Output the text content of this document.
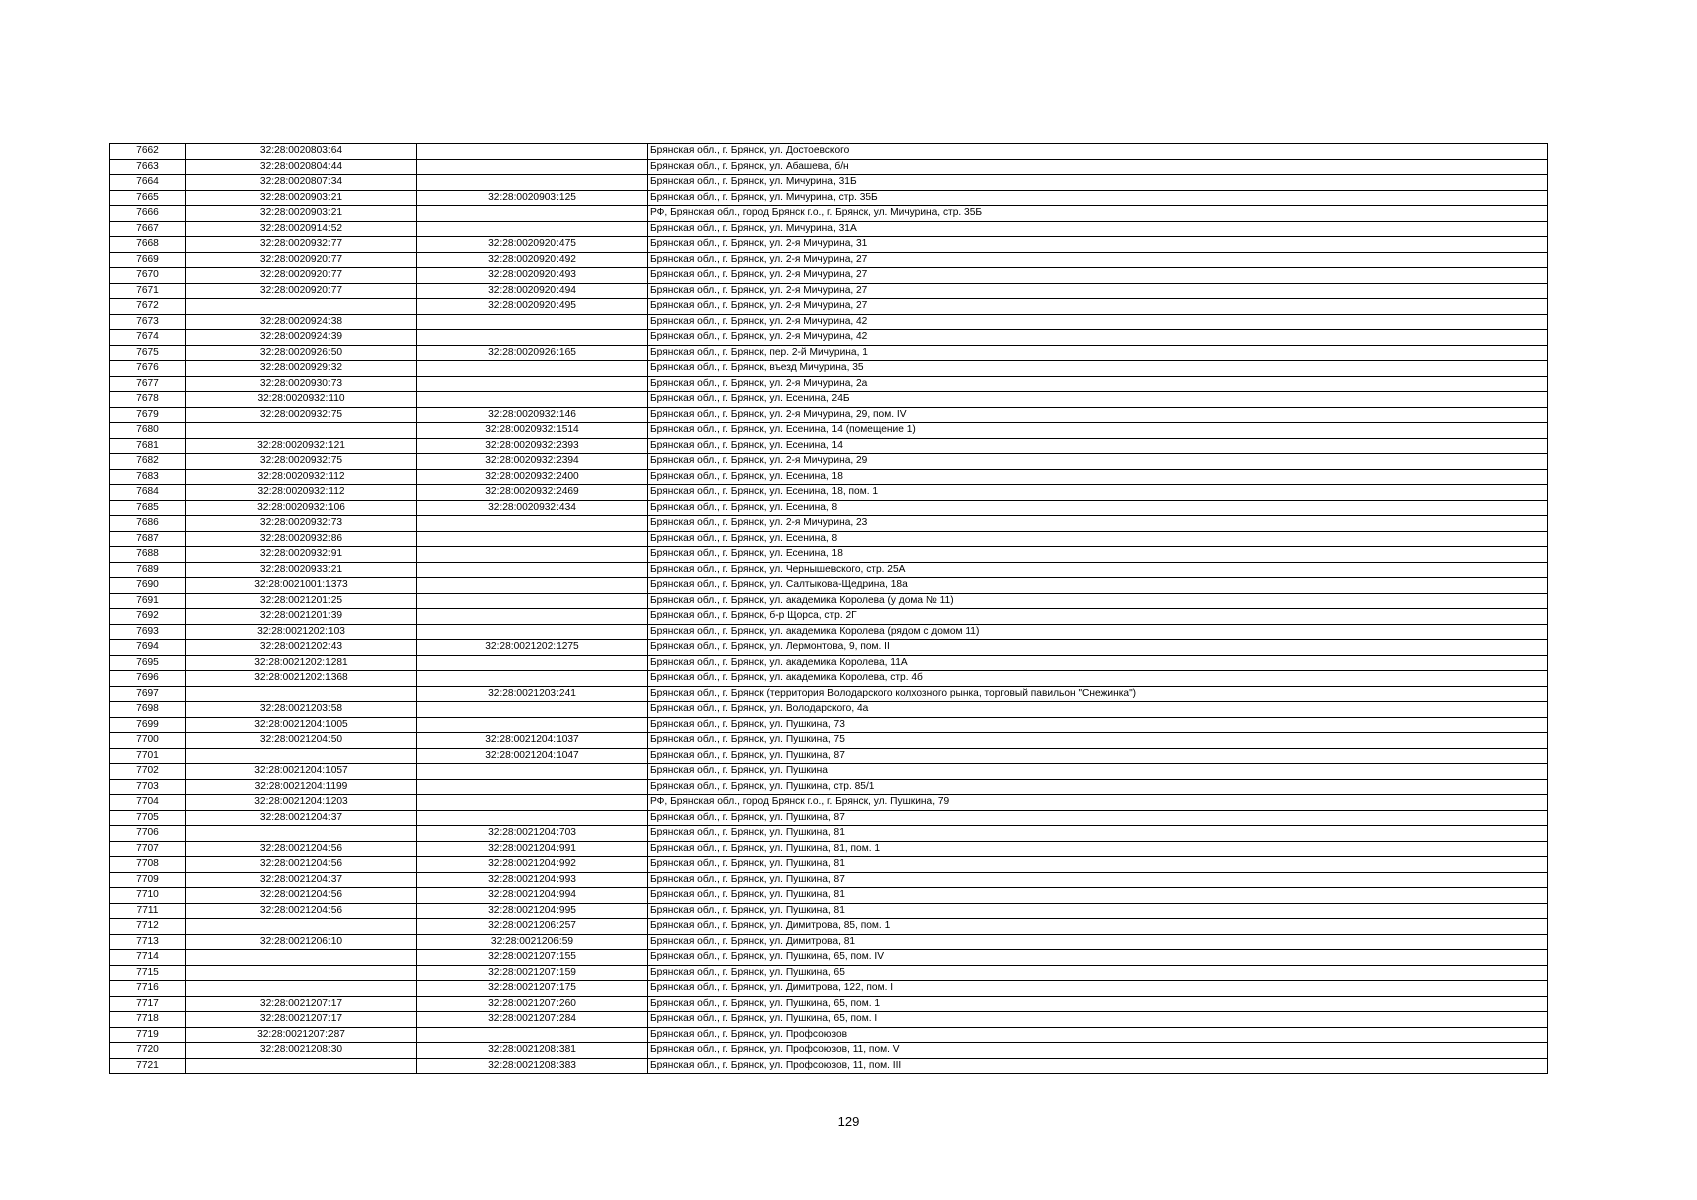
7662	32:28:0020803:64		Брянская обл., г. Брянск, ул. Достоевского
7663	32:28:0020804:44		Брянская обл., г. Брянск, ул. Абашева, б/н
7664	32:28:0020807:34		Брянская обл., г. Брянск, ул. Мичурина, 31Б
7665	32:28:0020903:21	32:28:0020903:125	Брянская обл., г. Брянск, ул. Мичурина, стр. 35Б
7666	32:28:0020903:21		РФ, Брянская обл., город Брянск г.о., г. Брянск, ул. Мичурина, стр. 35Б
7667	32:28:0020914:52		Брянская обл., г. Брянск, ул. Мичурина, 31А
7668	32:28:0020932:77	32:28:0020920:475	Брянская обл., г. Брянск, ул. 2-я Мичурина, 31
7669	32:28:0020920:77	32:28:0020920:492	Брянская обл., г. Брянск, ул. 2-я Мичурина, 27
7670	32:28:0020920:77	32:28:0020920:493	Брянская обл., г. Брянск, ул. 2-я Мичурина, 27
7671	32:28:0020920:77	32:28:0020920:494	Брянская обл., г. Брянск, ул. 2-я Мичурина, 27
7672		32:28:0020920:495	Брянская обл., г. Брянск, ул. 2-я Мичурина, 27
7673	32:28:0020924:38		Брянская обл., г. Брянск, ул. 2-я Мичурина, 42
7674	32:28:0020924:39		Брянская обл., г. Брянск, ул. 2-я Мичурина, 42
7675	32:28:0020926:50	32:28:0020926:165	Брянская обл., г. Брянск, пер. 2-й Мичурина, 1
7676	32:28:0020929:32		Брянская обл., г. Брянск, въезд Мичурина, 35
7677	32:28:0020930:73		Брянская обл., г. Брянск, ул. 2-я Мичурина, 2а
7678	32:28:0020932:110		Брянская обл., г. Брянск, ул. Есенина, 24Б
7679	32:28:0020932:75	32:28:0020932:146	Брянская обл., г. Брянск, ул. 2-я Мичурина, 29, пом. IV
7680		32:28:0020932:1514	Брянская обл., г. Брянск, ул. Есенина, 14 (помещение 1)
7681	32:28:0020932:121	32:28:0020932:2393	Брянская обл., г. Брянск, ул. Есенина, 14
7682	32:28:0020932:75	32:28:0020932:2394	Брянская обл., г. Брянск, ул. 2-я Мичурина, 29
7683	32:28:0020932:112	32:28:0020932:2400	Брянская обл., г. Брянск, ул. Есенина, 18
7684	32:28:0020932:112	32:28:0020932:2469	Брянская обл., г. Брянск, ул. Есенина, 18, пом. 1
7685	32:28:0020932:106	32:28:0020932:434	Брянская обл., г. Брянск, ул. Есенина, 8
7686	32:28:0020932:73		Брянская обл., г. Брянск, ул. 2-я Мичурина, 23
7687	32:28:0020932:86		Брянская обл., г. Брянск, ул. Есенина, 8
7688	32:28:0020932:91		Брянская обл., г. Брянск, ул. Есенина, 18
7689	32:28:0020933:21		Брянская обл., г. Брянск, ул. Чернышевского, стр. 25А
7690	32:28:0021001:1373		Брянская обл., г. Брянск, ул. Салтыкова-Щедрина, 18а
7691	32:28:0021201:25		Брянская обл., г. Брянск, ул. академика Королева (у дома № 11)
7692	32:28:0021201:39		Брянская обл., г. Брянск, б-р Щорса, стр. 2Г
7693	32:28:0021202:103		Брянская обл., г. Брянск, ул. академика Королева (рядом с домом 11)
7694	32:28:0021202:43	32:28:0021202:1275	Брянская обл., г. Брянск, ул. Лермонтова, 9, пом. II
7695	32:28:0021202:1281		Брянская обл., г. Брянск, ул. академика Королева, 11А
7696	32:28:0021202:1368		Брянская обл., г. Брянск, ул. академика Королева, стр. 4б
7697		32:28:0021203:241	Брянская обл., г. Брянск (территория Володарского колхозного рынка, торговый павильон "Снежинка")
7698	32:28:0021203:58		Брянская обл., г. Брянск, ул. Володарского, 4а
7699	32:28:0021204:1005		Брянская обл., г. Брянск, ул. Пушкина, 73
7700	32:28:0021204:50	32:28:0021204:1037	Брянская обл., г. Брянск, ул. Пушкина, 75
7701		32:28:0021204:1047	Брянская обл., г. Брянск, ул. Пушкина, 87
7702	32:28:0021204:1057		Брянская обл., г. Брянск, ул. Пушкина
7703	32:28:0021204:1199		Брянская обл., г. Брянск, ул. Пушкина, стр. 85/1
7704	32:28:0021204:1203		РФ, Брянская обл., город Брянск г.о., г. Брянск, ул. Пушкина, 79
7705	32:28:0021204:37		Брянская обл., г. Брянск, ул. Пушкина, 87
7706		32:28:0021204:703	Брянская обл., г. Брянск, ул. Пушкина, 81
7707	32:28:0021204:56	32:28:0021204:991	Брянская обл., г. Брянск, ул. Пушкина, 81, пом. 1
7708	32:28:0021204:56	32:28:0021204:992	Брянская обл., г. Брянск, ул. Пушкина, 81
7709	32:28:0021204:37	32:28:0021204:993	Брянская обл., г. Брянск, ул. Пушкина, 87
7710	32:28:0021204:56	32:28:0021204:994	Брянская обл., г. Брянск, ул. Пушкина, 81
7711	32:28:0021204:56	32:28:0021204:995	Брянская обл., г. Брянск, ул. Пушкина, 81
7712		32:28:0021206:257	Брянская обл., г. Брянск, ул. Димитрова, 85, пом. 1
7713	32:28:0021206:10	32:28:0021206:59	Брянская обл., г. Брянск, ул. Димитрова, 81
7714		32:28:0021207:155	Брянская обл., г. Брянск, ул. Пушкина, 65, пом. IV
7715		32:28:0021207:159	Брянская обл., г. Брянск, ул. Пушкина, 65
7716		32:28:0021207:175	Брянская обл., г. Брянск, ул. Димитрова, 122, пом. I
7717	32:28:0021207:17	32:28:0021207:260	Брянская обл., г. Брянск, ул. Пушкина, 65, пом. 1
7718	32:28:0021207:17	32:28:0021207:284	Брянская обл., г. Брянск, ул. Пушкина, 65, пом. I
7719	32:28:0021207:287		Брянская обл., г. Брянск, ул. Профсоюзов
7720	32:28:0021208:30	32:28:0021208:381	Брянская обл., г. Брянск, ул. Профсоюзов, 11, пом. V
7721		32:28:0021208:383	Брянская обл., г. Брянск, ул. Профсоюзов, 11, пом. III
129
